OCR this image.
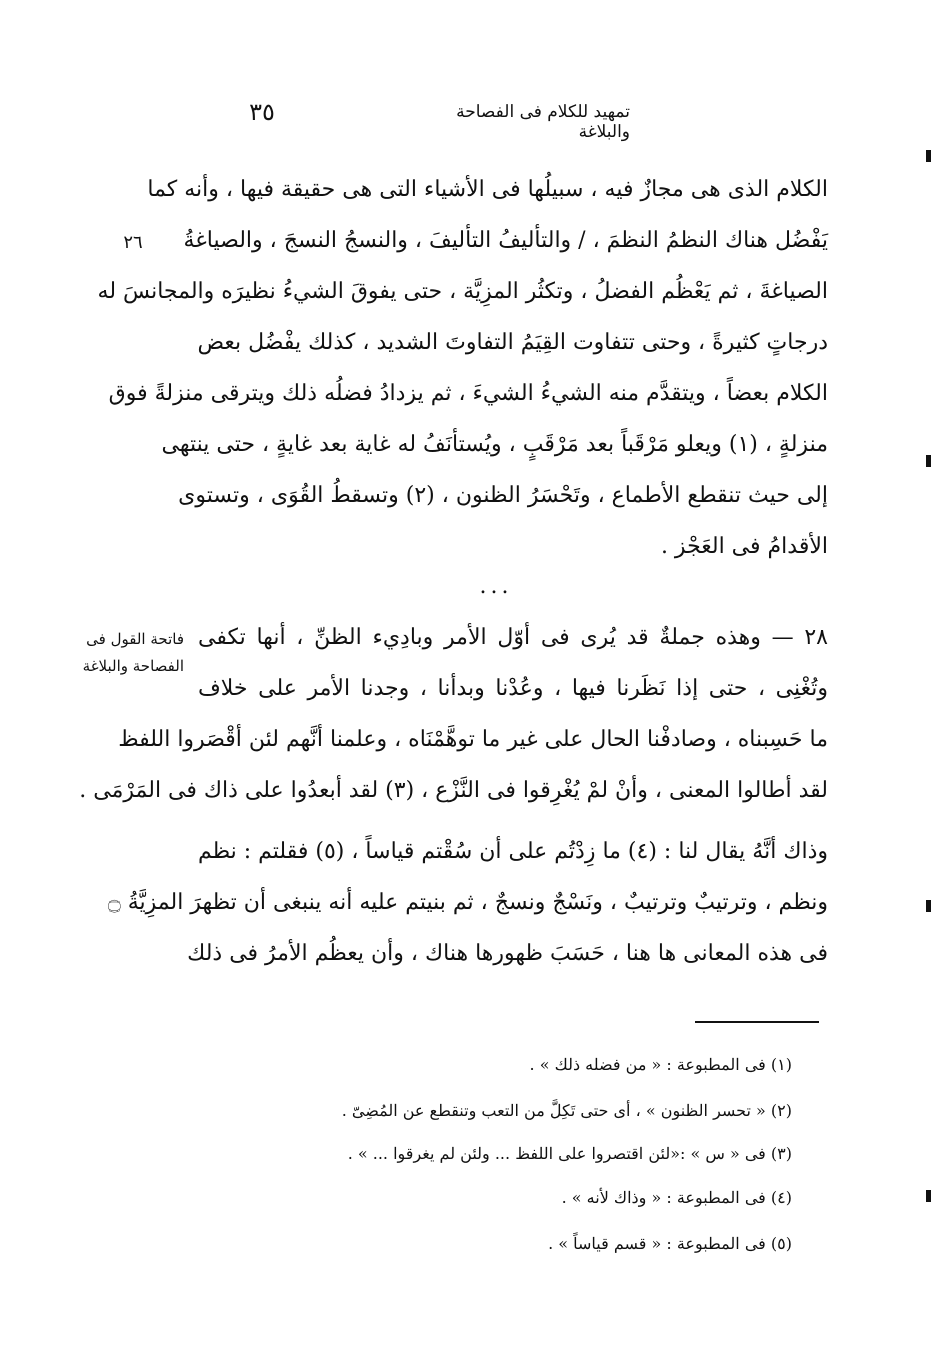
تمهيد للكلام فى الفصاحة والبلاغة
٣٥
٢٦
فاتحة القول فى
الفصاحة والبلاغة
الكلام الذى هى مجازٌ فيه ، سبيلُها فى الأشياء التى هى حقيقة فيها ، وأنه كما
يَفْضُل هناك النظمُ النظمَ ، / والتأليفُ التأليفَ ، والنسجُ النسجَ ، والصياغةُ
الصياغةَ ، ثم يَعْظُم الفضلُ ، وتكثُر المزِيَّة ، حتى يفوقَ الشيءُ نظيرَه والمجانسَ له
درجاتٍ كثيرةً ، وحتى تتفاوت القِيَمُ التفاوتَ الشديد ، كذلك يفْضُل بعض
الكلام بعضاً ، ويتقدَّم منه الشيءُ الشيءَ ، ثم يزدادُ فضلُه ذلك ويترقى منزلةً فوق
منزلةٍ ، (١) ويعلو مَرْقَباً بعد مَرْقَبٍ ، ويُستأنَفُ له غاية بعد غايةٍ ، حتى ينتهى
إلى حيث تنقطع الأطماع ، وتَحْسَرُ الظنون ، (٢) وتسقطُ القُوَى ، وتستوى
الأقدامُ فى العَجْز .
...
٢٨ — وهذه جملةٌ قد يُرى فى أوّل الأمر وبادِيء الظنِّ ، أنها تكفى
وتُغْنِى ، حتى إذا نَظَرنا فيها ، وعُدْنا وبدأنا ، وجدنا الأمر على خلاف
ما حَسِبناه ، وصادفْنا الحال على غير ما توهَّمْنَاه ، وعلمنا أنَّهم لئن أقْصَروا اللفظ
لقد أطالوا المعنى ، وأنْ لمْ يُغْرِقوا فى النَّزْع ، (٣) لقد أبعدُوا على ذاك فى المَرْمَى .
وذاك أنَّهُ يقال لنا : (٤) ما زِدْتُم على أن سُقْتم قياساً ، (٥) فقلتم : نظم
ونظم ، وترتيبٌ وترتيبٌ ، ونَسْجٌ ونسجٌ ، ثم بنيتم عليه أنه ينبغى أن تظهرَ المزِيَّةُ ۝
فى هذه المعانى ها هنا ، حَسَبَ ظهورها هناك ، وأن يعظُم الأمرُ فى ذلك
(١) فى المطبوعة : « من فضله ذلك » .
(٢) « تحسر الظنون » ، أى حتى تَكِلَّ من التعب وتنقطع عن المُضِىّ .
(٣) فى « س » :«لئن اقتصروا على اللفظ ... ولئن لم يغرقوا ... » .
(٤) فى المطبوعة : « وذاك لأنه » .
(٥) فى المطبوعة : « قسم قياساً » .
